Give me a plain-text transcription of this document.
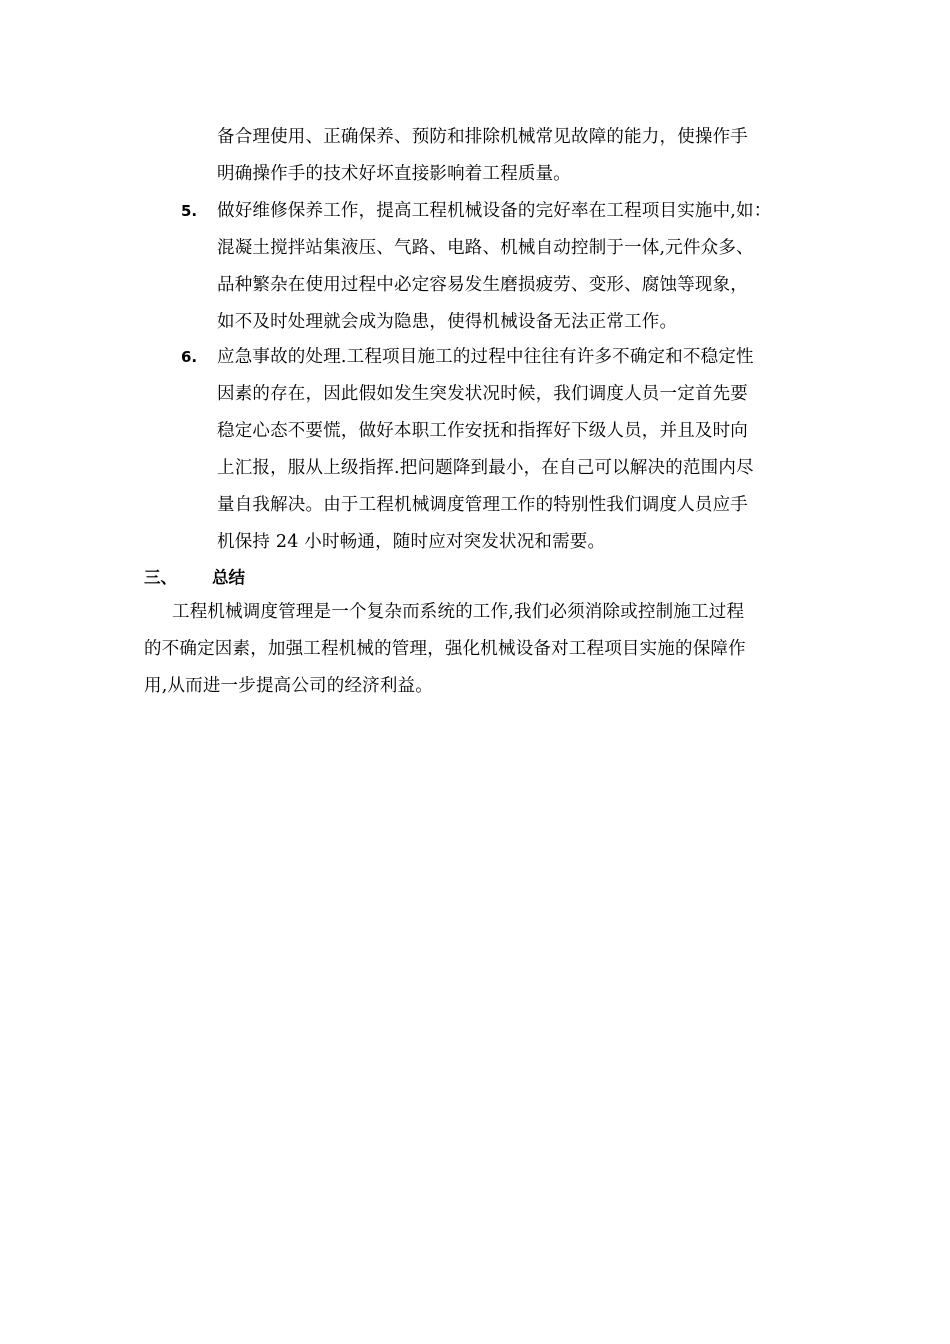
备合理使用、正确保养、预防和排除机械常见故障的能力，使操作手
明确操作手的技术好坏直接影响着工程质量。
5. 做好维修保养工作，提高工程机械设备的完好率在工程项目实施中,如：
混凝土搅拌站集液压、气路、电路、机械自动控制于一体,元件众多、
品种繁杂在使用过程中必定容易发生磨损疲劳、变形、腐蚀等现象，
如不及时处理就会成为隐患，使得机械设备无法正常工作。
6. 应急事故的处理.工程项目施工的过程中往往有许多不确定和不稳定性
因素的存在，因此假如发生突发状况时候，我们调度人员一定首先要
稳定心态不要慌，做好本职工作安抚和指挥好下级人员，并且及时向
上汇报，服从上级指挥.把问题降到最小，在自己可以解决的范围内尽
量自我解决。由于工程机械调度管理工作的特别性我们调度人员应手
机保持 24 小时畅通，随时应对突发状况和需要。
三、 总结
工程机械调度管理是一个复杂而系统的工作,我们必须消除或控制施工过程
的不确定因素，加强工程机械的管理，强化机械设备对工程项目实施的保障作
用,从而进一步提高公司的经济利益。
